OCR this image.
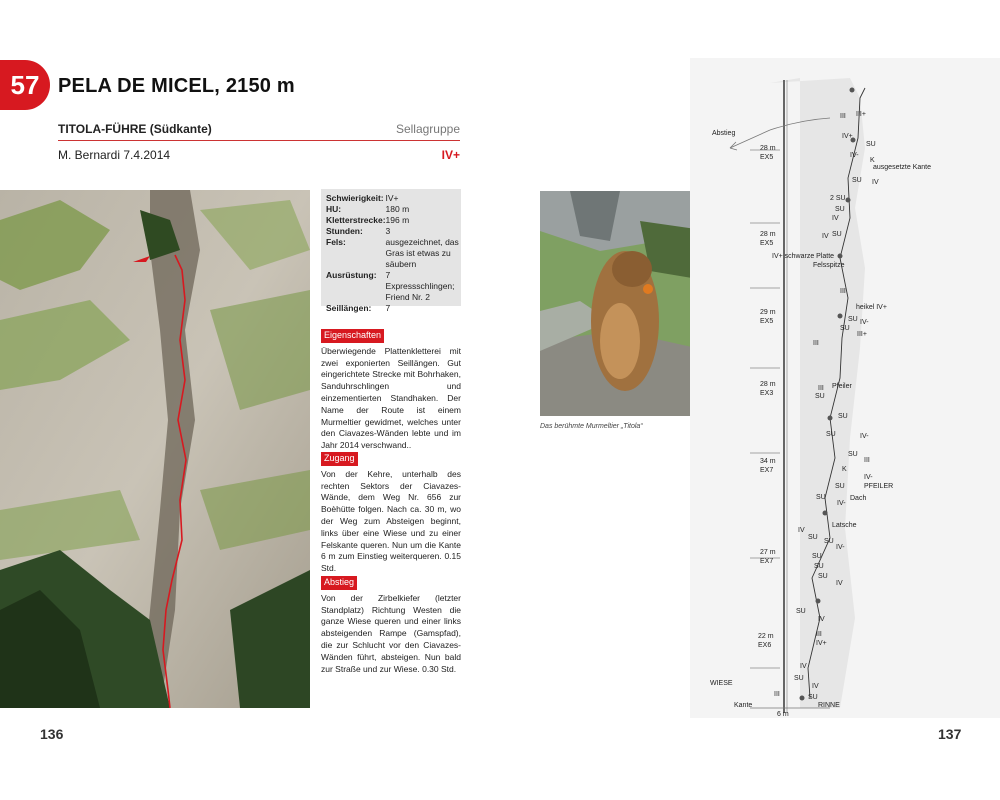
57 PELA DE MICEL, 2150 m
TITOLA-FÜHRE (Südkante)	Sellagruppe
M. Bernardi 7.4.2014	IV+
Schwierigkeit:	IV+
HU:	180 m
Kletterstrecke:	196 m
Stunden:	3
Fels:	ausgezeichnet, das Gras ist etwas zu säubern
Ausrüstung:	7 Expressschlingen; Friend Nr. 2
Seillängen:	7
Eigenschaften

Überwiegende Plattenkletterei mit zwei exponierten Seillängen. Gut eingerichtete Strecke mit Bohrhaken, Sanduhrschlingen und einzementierten Standhaken. Der Name der Route ist einem Murmeltier gewidmet, welches unter den Ciavazes-Wänden lebte und im Jahr 2014 verschwand..

Zugang

Von der Kehre, unterhalb des rechten Sektors der Ciavazes-Wände, dem Weg Nr. 656 zur Boèhütte folgen. Nach ca. 30 m, wo der Weg zum Absteigen beginnt, links über eine Wiese und zu einer Felskante queren. Nun um die Kante 6 m zum Einstieg weiterqueren. 0.15 Std.

Abstieg

Von der Zirbelkiefer (letzter Standplatz) Richtung Westen die ganze Wiese queren und einer links absteigenden Rampe (Gamspfad), die zur Schlucht vor den Ciavazes-Wänden führt, absteigen. Nun bald zur Straße und zur Wiese. 0.30 Std.

Das berühmte Murmeltier „Titola“
28 m
EX5
28 m
EX5
29 m
EX5
28 m
EX3
34 m
EX7
27 m
EX7
22 m
EX6
Abstieg
ausgesetzte Kante
IV+ schwarze Platte
Felsspitze
heikel IV+
Pfeiler
PFEILER
Dach
Latsche
WIESE
Kante	RINNE
6 m
2 SU
III
IV+
SU
IV-
K
SU IV
SU
IV
IV SU
III
SU IV-
SU
III+
III
III
SU
SU
SU	IV-
SU
III
K
IV-
SU
SU
IV-
IV
SU
SU
IV-
SU
SU
SU
IV
SU
IV
III
IV+
IV
SU
IV
III	SU
III+
136	137
